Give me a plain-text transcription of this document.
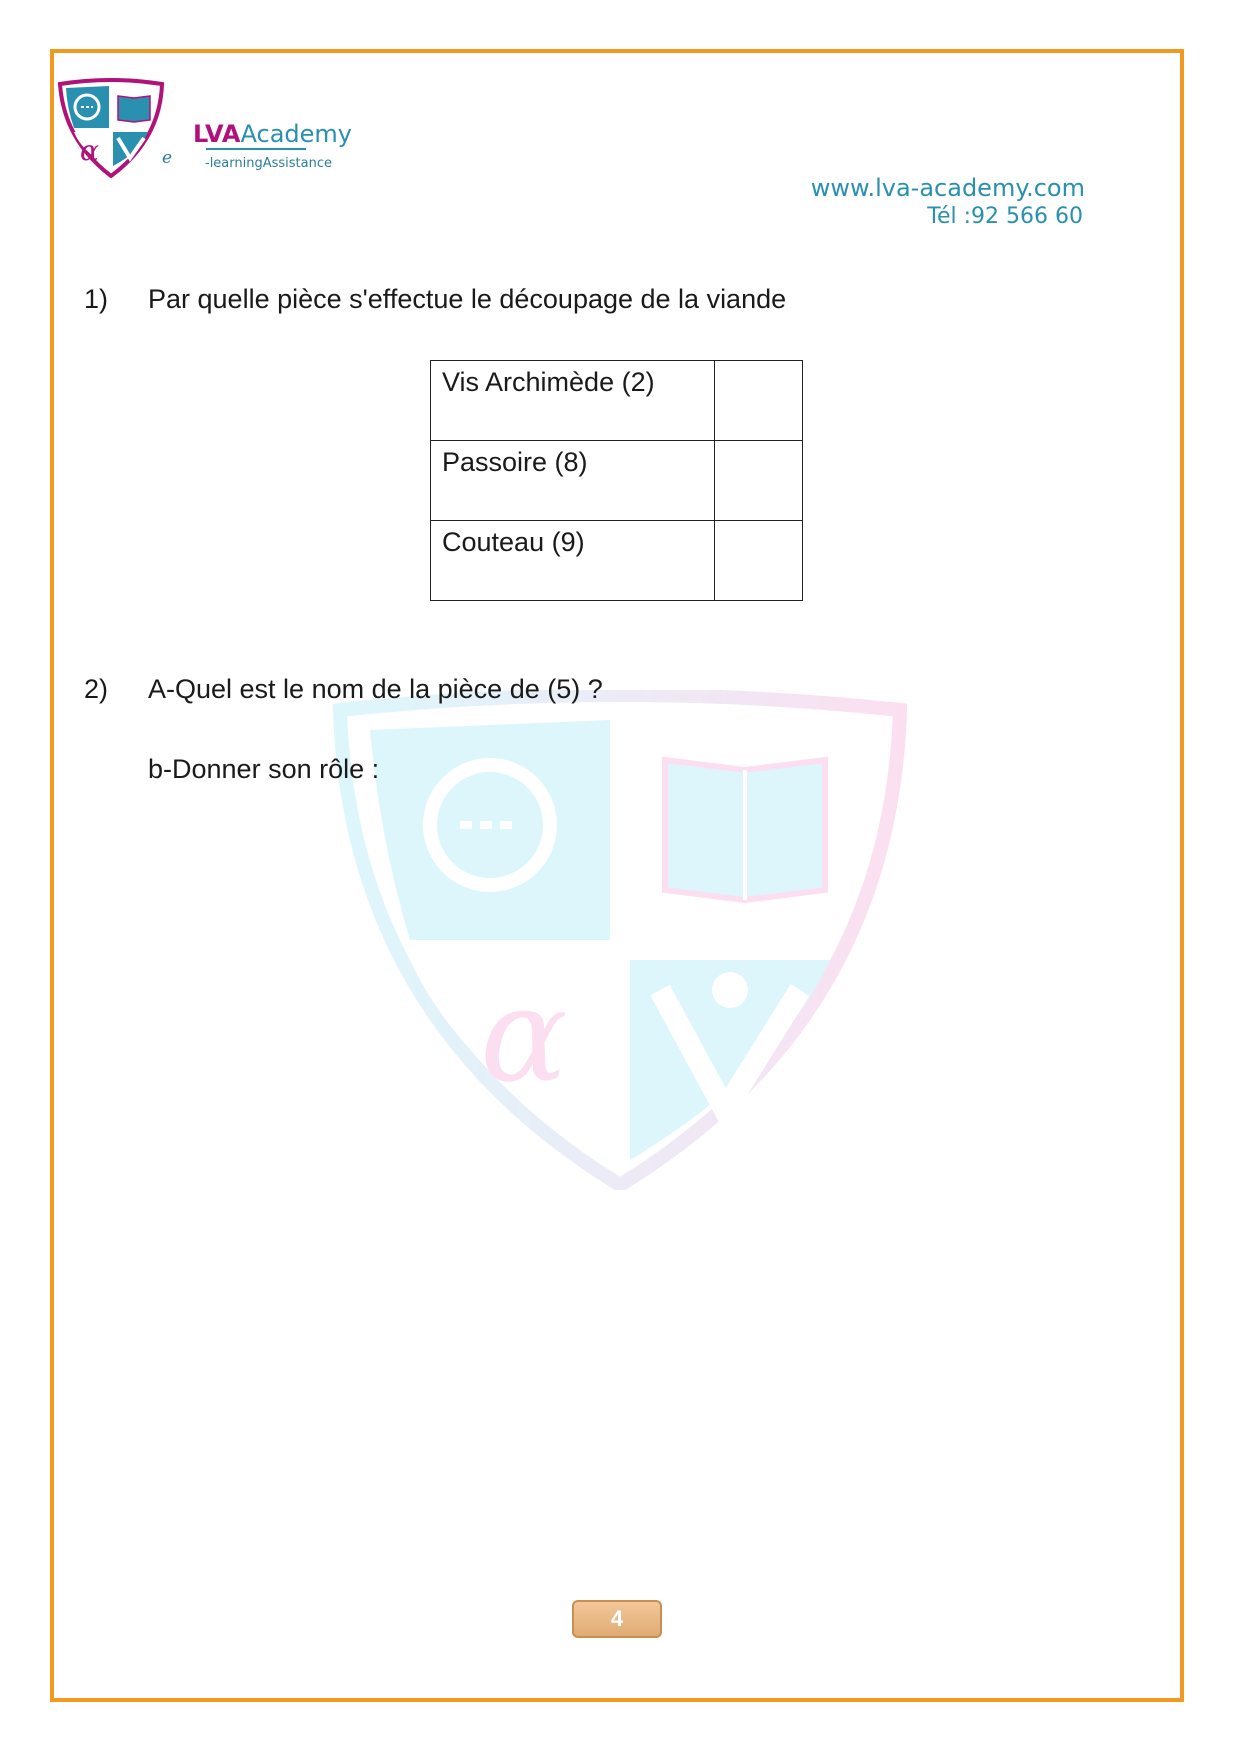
α
α	e
LVAAcademy
-learningAssistance
www.lva-academy.com
Tél :92 566 60
1) Par quelle pièce s'effectue le découpage de la viande
Vis Archimède (2)	
Passoire (8)	
Couteau (9)	
2) A-Quel est le nom de la pièce de (5) ?
b-Donner son rôle :
4
